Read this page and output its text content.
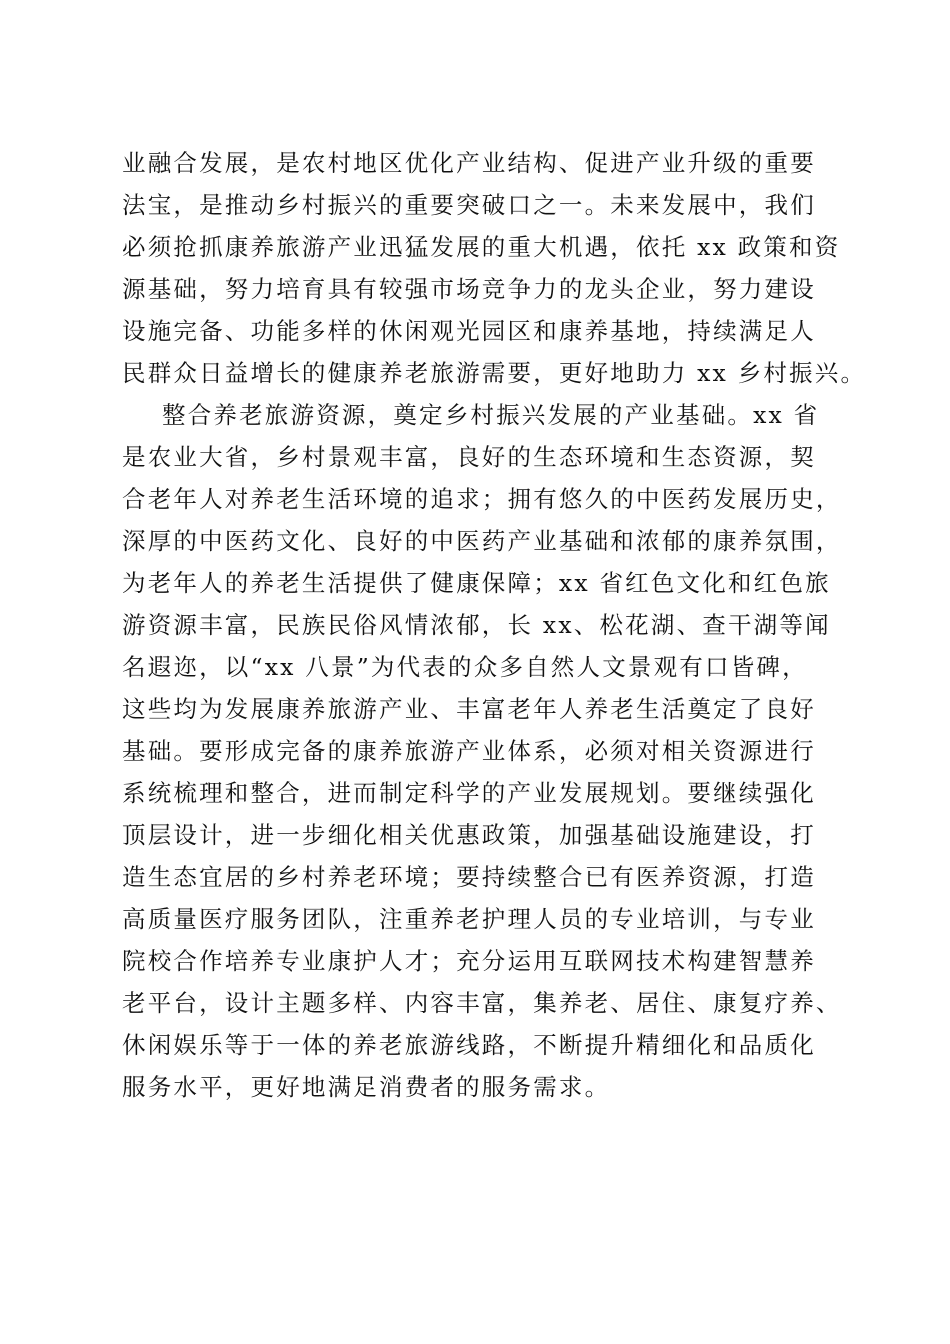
业融合发展，是农村地区优化产业结构、促进产业升级的重要
法宝，是推动乡村振兴的重要突破口之一。未来发展中，我们
必须抢抓康养旅游产业迅猛发展的重大机遇，依托 xx 政策和资
源基础，努力培育具有较强市场竞争力的龙头企业，努力建设
设施完备、功能多样的休闲观光园区和康养基地，持续满足人
民群众日益增长的健康养老旅游需要，更好地助力 xx 乡村振兴。
整合养老旅游资源，奠定乡村振兴发展的产业基础。xx 省
是农业大省，乡村景观丰富，良好的生态环境和生态资源，契
合老年人对养老生活环境的追求；拥有悠久的中医药发展历史，
深厚的中医药文化、良好的中医药产业基础和浓郁的康养氛围，
为老年人的养老生活提供了健康保障；xx 省红色文化和红色旅
游资源丰富，民族民俗风情浓郁，长 xx、松花湖、查干湖等闻
名遐迩，以“xx 八景”为代表的众多自然人文景观有口皆碑，
这些均为发展康养旅游产业、丰富老年人养老生活奠定了良好
基础。要形成完备的康养旅游产业体系，必须对相关资源进行
系统梳理和整合，进而制定科学的产业发展规划。要继续强化
顶层设计，进一步细化相关优惠政策，加强基础设施建设，打
造生态宜居的乡村养老环境；要持续整合已有医养资源，打造
高质量医疗服务团队，注重养老护理人员的专业培训，与专业
院校合作培养专业康护人才；充分运用互联网技术构建智慧养
老平台，设计主题多样、内容丰富，集养老、居住、康复疗养、
休闲娱乐等于一体的养老旅游线路，不断提升精细化和品质化
服务水平，更好地满足消费者的服务需求。
